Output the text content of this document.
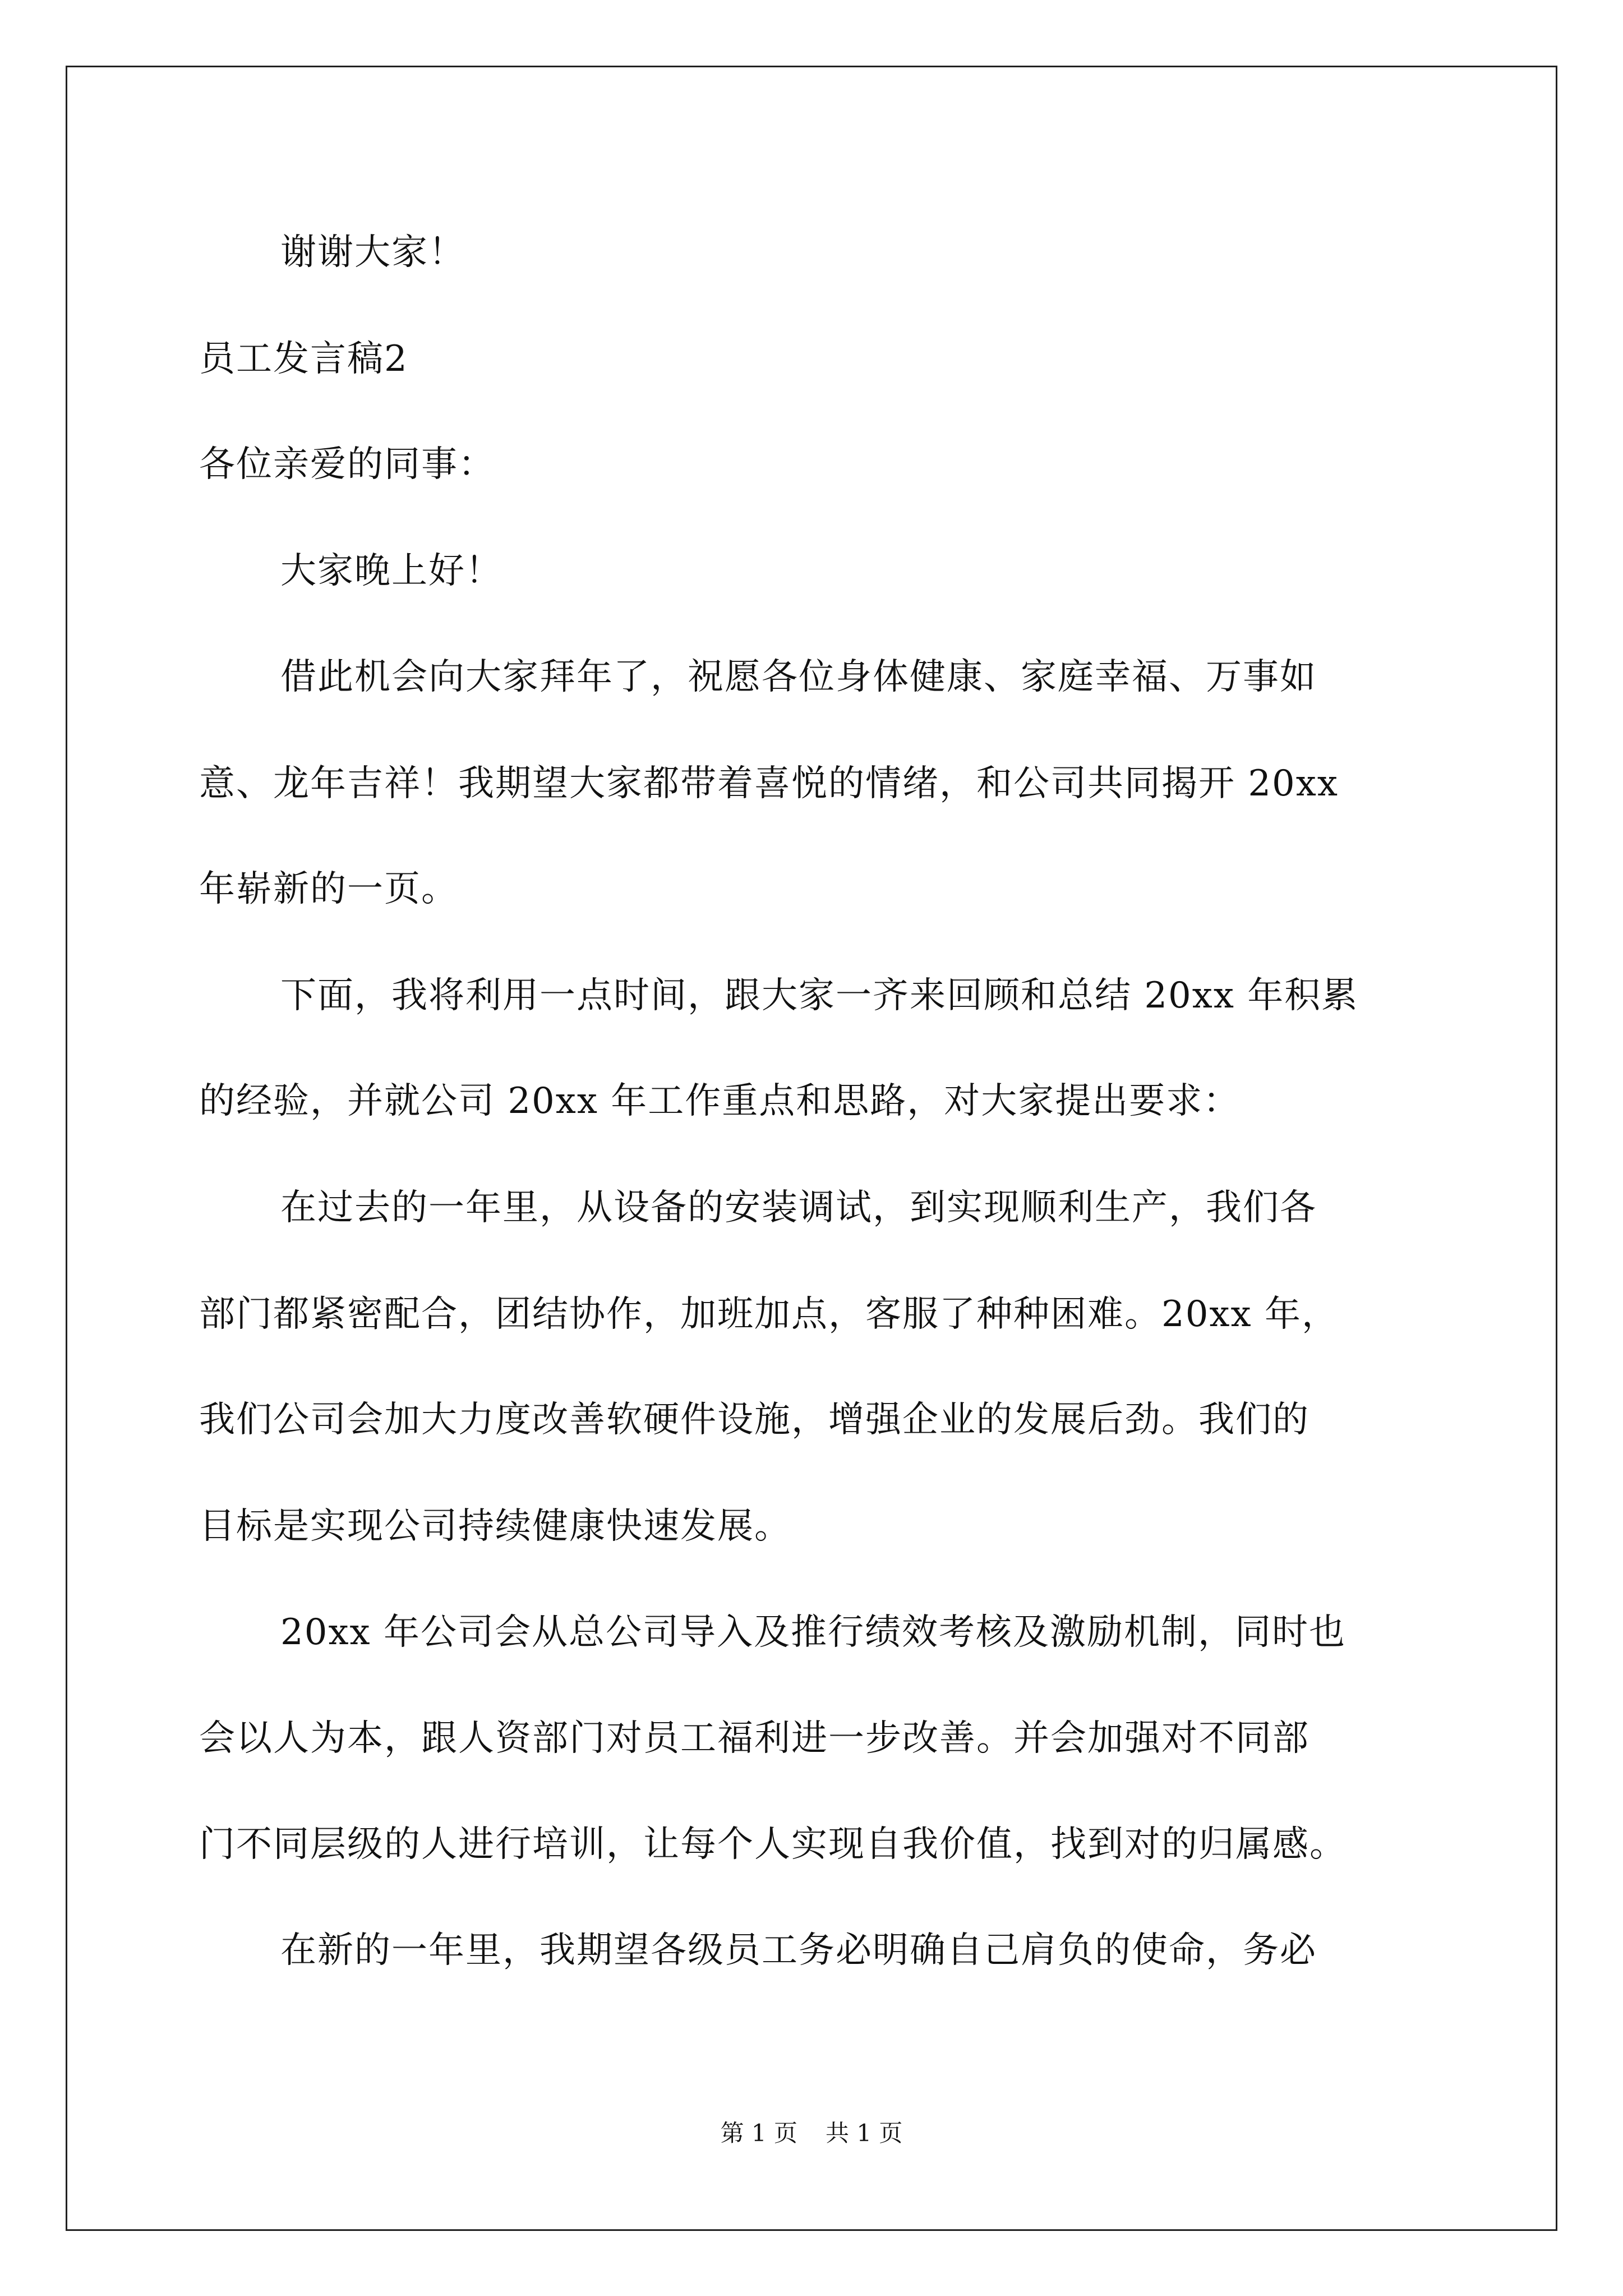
谢谢大家！
员工发言稿2
各位亲爱的同事：
大家晚上好！
借此机会向大家拜年了，祝愿各位身体健康、家庭幸福、万事如
意、龙年吉祥！我期望大家都带着喜悦的情绪，和公司共同揭开 20xx
年崭新的一页。
下面，我将利用一点时间，跟大家一齐来回顾和总结 20xx 年积累
的经验，并就公司 20xx 年工作重点和思路，对大家提出要求：
在过去的一年里，从设备的安装调试，到实现顺利生产，我们各
部门都紧密配合，团结协作，加班加点，客服了种种困难。20xx 年，
我们公司会加大力度改善软硬件设施，增强企业的发展后劲。我们的
目标是实现公司持续健康快速发展。
20xx 年公司会从总公司导入及推行绩效考核及激励机制，同时也
会以人为本，跟人资部门对员工福利进一步改善。并会加强对不同部
门不同层级的人进行培训，让每个人实现自我价值，找到对的归属感。
在新的一年里，我期望各级员工务必明确自己肩负的使命，务必
第 1 页 共 1 页
